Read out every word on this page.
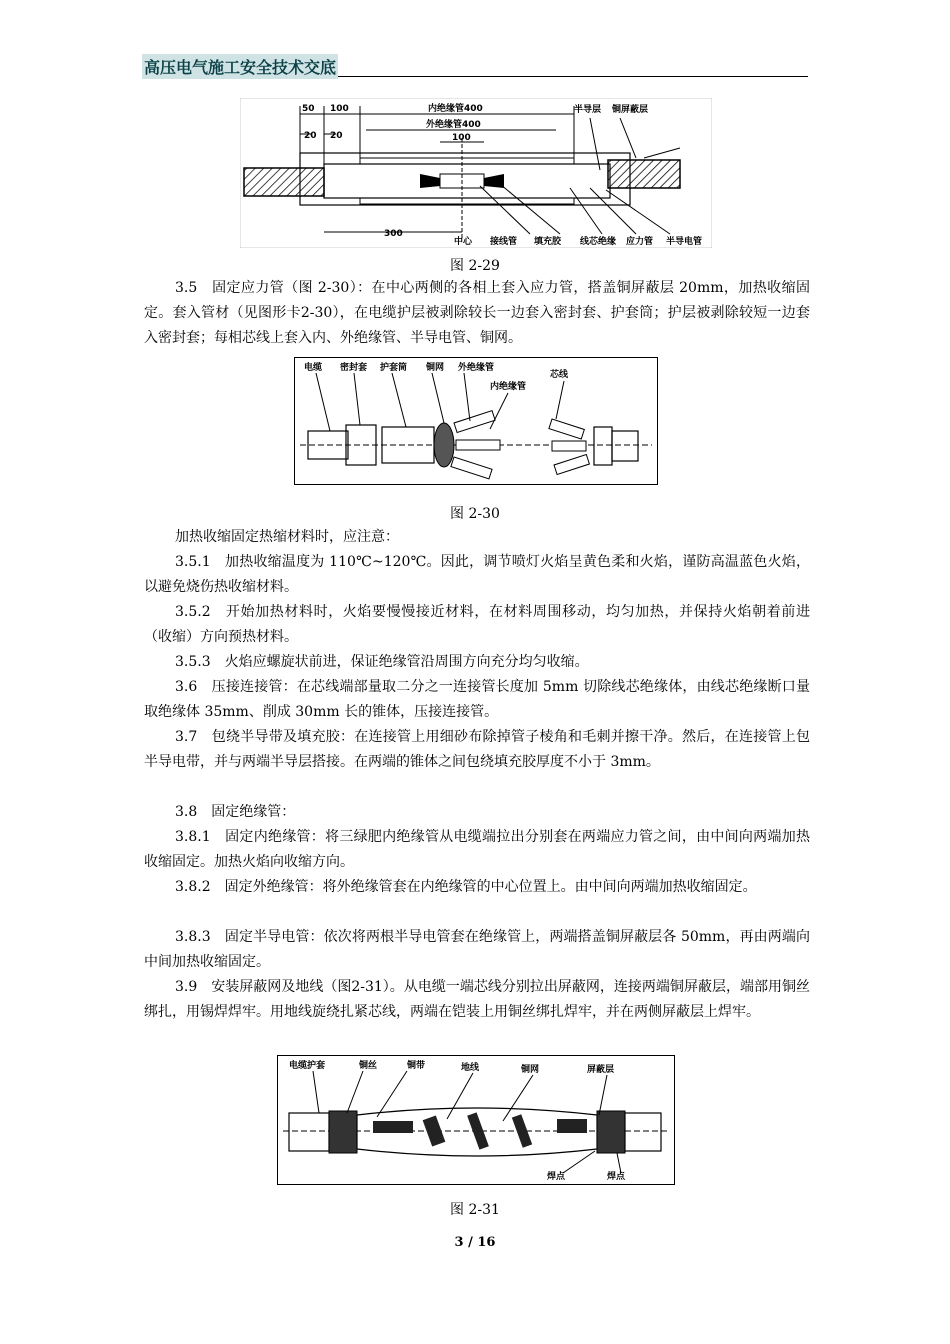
高压电气施工安全技术交底
50 100
20 20
内绝缘管400
外绝缘管400
100
半导层 铜屏蔽层
300
中心 接线管 填充胶 线芯绝缘 应力管 半导电管
图 2-29
3.5　固定应力管（图 2-30）：在中心两侧的各相上套入应力管，搭盖铜屏蔽层 20mm，加热收缩固定。套入管材（见图形卡2-30），在电缆护层被剥除较长一边套入密封套、护套筒；护层被剥除较短一边套入密封套；每相芯线上套入内、外绝缘管、半导电管、铜网。
电缆 密封套 护套筒 铜网 外绝缘管
内绝缘管
芯线
图 2-30
加热收缩固定热缩材料时，应注意：
3.5.1　加热收缩温度为 110℃~120℃。因此，调节喷灯火焰呈黄色柔和火焰，谨防高温蓝色火焰，以避免烧伤热收缩材料。
3.5.2　开始加热材料时，火焰要慢慢接近材料，在材料周围移动，均匀加热，并保持火焰朝着前进（收缩）方向预热材料。
3.5.3　火焰应螺旋状前进，保证绝缘管沿周围方向充分均匀收缩。
3.6　压接连接管：在芯线端部量取二分之一连接管长度加 5mm 切除线芯绝缘体，由线芯绝缘断口量取绝缘体 35mm、削成 30mm 长的锥体，压接连接管。
3.7　包绕半导带及填充胶：在连接管上用细砂布除掉管子棱角和毛刺并擦干净。然后，在连接管上包半导电带，并与两端半导层搭接。在两端的锥体之间包绕填充胶厚度不小于 3mm。
3.8　固定绝缘管：
3.8.1　固定内绝缘管：将三绿肥内绝缘管从电缆端拉出分别套在两端应力管之间，由中间向两端加热收缩固定。加热火焰向收缩方向。
3.8.2　固定外绝缘管：将外绝缘管套在内绝缘管的中心位置上。由中间向两端加热收缩固定。
3.8.3　固定半导电管：依次将两根半导电管套在绝缘管上，两端搭盖铜屏蔽层各 50mm，再由两端向中间加热收缩固定。
3.9　安装屏蔽网及地线（图2-31）。从电缆一端芯线分别拉出屏蔽网，连接两端铜屏蔽层，端部用铜丝绑扎，用锡焊焊牢。用地线旋绕扎紧芯线，两端在铠装上用铜丝绑扎焊牢，并在两侧屏蔽层上焊牢。
电缆护套	铜丝	铜带	地线	铜网	屏蔽层
焊点	焊点
图 2-31
3 / 16
